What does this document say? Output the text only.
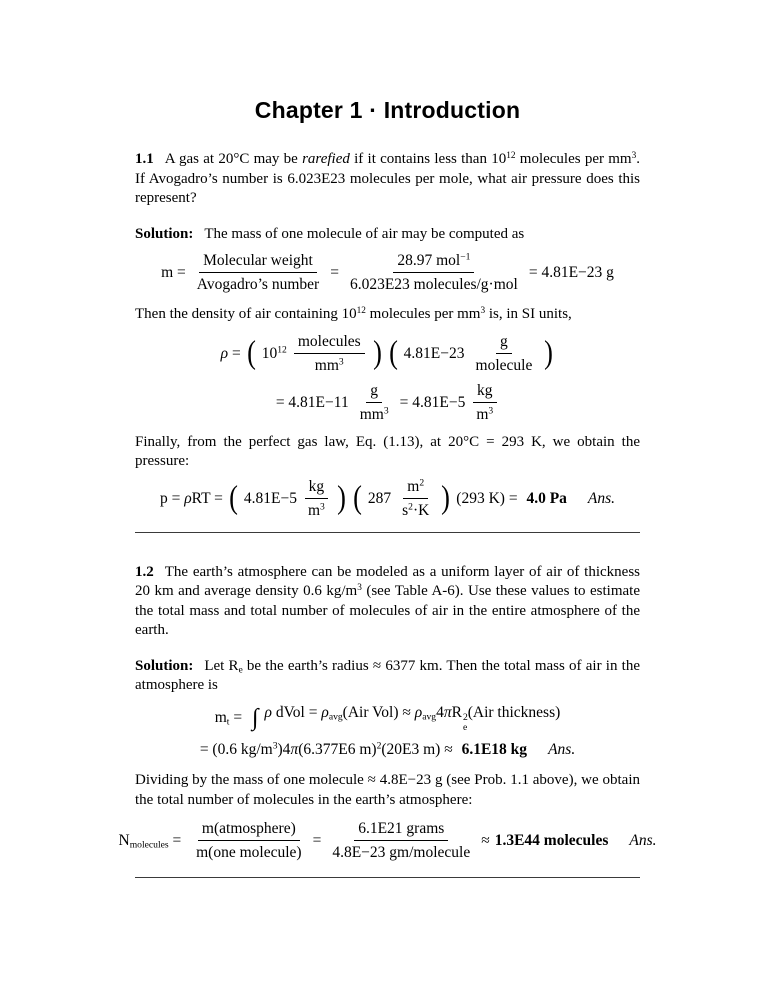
Chapter 1 · Introduction

1.1 A gas at 20°C may be rarefied if it contains less than $10^{12}$ molecules per $mm^3$. If Avogadro’s number is 6.023E23 molecules per mole, what air pressure does this represent?

Solution: The mass of one molecule of air may be computed as

$m = \frac{\text{Molecular weight}}{\text{Avogadro’s number}} = \frac{28.97 mol^{-1}}{\text{6.023E23 molecules/g·mol}} = 4.81E-23$ g

Then the density of air containing $10^{12}$ molecules per $mm^3$ is, in SI units,

ρ = ( $10^{12} \frac{\text{molecules}}{mm^3}$ ) ( $4.81E-23 \frac{g}{\text{molecule}}$ )
= $4.81E-11 \frac{g}{mm^3} = 4.81E-5 \frac{kg}{m^3}$

Finally, from the perfect gas law, Eq. (1.13), at 20°C = 293 K, we obtain the pressure:

p = ρRT = ( $4.81E-5 \frac{kg}{m^3}$ ) ( $287 \frac{m^2}{s^2\cdot K}$ ) (293 K) = 4.0 Pa Ans.

1.2 The earth’s atmosphere can be modeled as a uniform layer of air of thickness 20 km and average density 0.6 $kg/m^3$ (see Table A-6). Use these values to estimate the total mass and total number of molecules of air in the entire atmosphere of the earth.

Solution: Let $R_e$ be the earth’s radius ≈ 6377 km. Then the total mass of air in the atmosphere is

$m_t$ = ∫ ρ dVol = $\rho_{avg}(Air$ $Vol) \approx \rho_{avg}4\pi R$ 2
e
(Air thickness)
= (0.6 $kg/m^3)4\pi(6.377E6$ m)$^2$(20E3 m) ≈ 6.1E18 kg Ans.

Dividing by the mass of one molecule ≈ 4.8E−23 g (see Prob. 1.1 above), we obtain the total number of molecules in the earth’s atmosphere:

$N_{molecules} = \frac{\text{m(atmosphere)}}{\text{m(one molecule)}} = \frac{\text{6.1E21 grams}}{\text{4.8E−23 gm/molecule}} \approx 1.3E44$ molecules Ans.
